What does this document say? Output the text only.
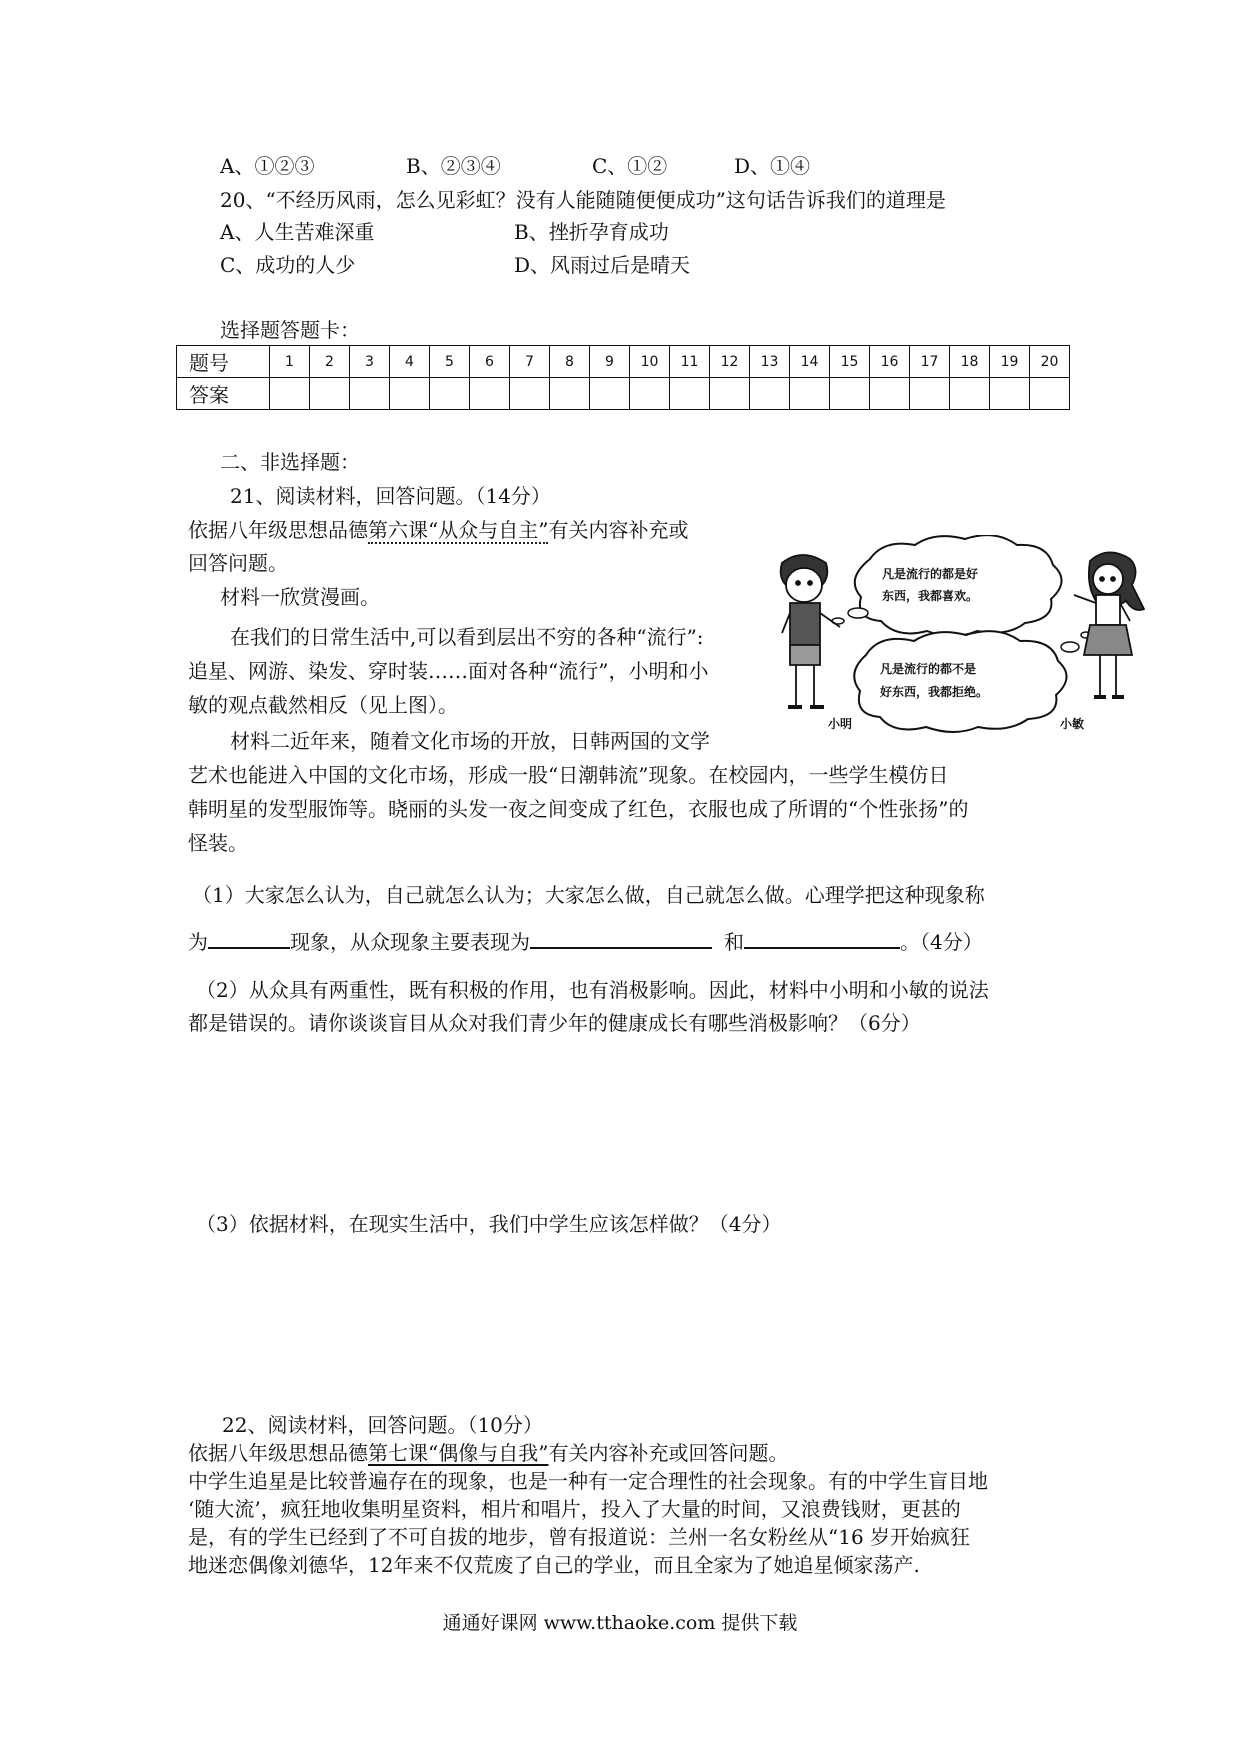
A、①②③	B、②③④	C、①②	D、①④
20、“不经历风雨，怎么见彩虹？没有人能随随便便成功”这句话告诉我们的道理是
A、人生苦难深重	B、挫折孕育成功
C、成功的人少	D、风雨过后是晴天
选择题答题卡：
题号	1	2	3	4	5	6	7	8	9	10	11	12	13	14	15	16	17	18	19	20
答案																				
二、非选择题：
21、阅读材料，回答问题。（14分）
依据八年级思想品德第六课“从众与自主”有关内容补充或
回答问题。
材料一欣赏漫画。
在我们的日常生活中,可以看到层出不穷的各种“流行”:
追星、网游、染发、穿时装……面对各种“流行”，小明和小
敏的观点截然相反（见上图）。
材料二近年来，随着文化市场的开放，日韩两国的文学
艺术也能进入中国的文化市场，形成一股“日潮韩流”现象。在校园内，一些学生模仿日
韩明星的发型服饰等。晓丽的头发一夜之间变成了红色，衣服也成了所谓的“个性张扬”的
怪装。
凡是流行的都是好
东西，我都喜欢。
凡是流行的都不是
好东西，我都拒绝。
小明	小敏
（1）大家怎么认为，自己就怎么认为；大家怎么做，自己就怎么做。心理学把这种现象称
为	现象，从众现象主要表现为	和	。（4分）
（2）从众具有两重性，既有积极的作用，也有消极影响。因此，材料中小明和小敏的说法
都是错误的。请你谈谈盲目从众对我们青少年的健康成长有哪些消极影响？（6分）
（3）依据材料，在现实生活中，我们中学生应该怎样做？（4分）
22、阅读材料，回答问题。（10分）
依据八年级思想品德第七课“偶像与自我”有关内容补充或回答问题。
中学生追星是比较普遍存在的现象，也是一种有一定合理性的社会现象。有的中学生盲目地
‘随大流’，疯狂地收集明星资料，相片和唱片，投入了大量的时间，又浪费钱财，更甚的
是，有的学生已经到了不可自拔的地步，曾有报道说：兰州一名女粉丝从“16 岁开始疯狂
地迷恋偶像刘德华，12年来不仅荒废了自己的学业，而且全家为了她追星倾家荡产.
通通好课网 www.tthaoke.com 提供下载
